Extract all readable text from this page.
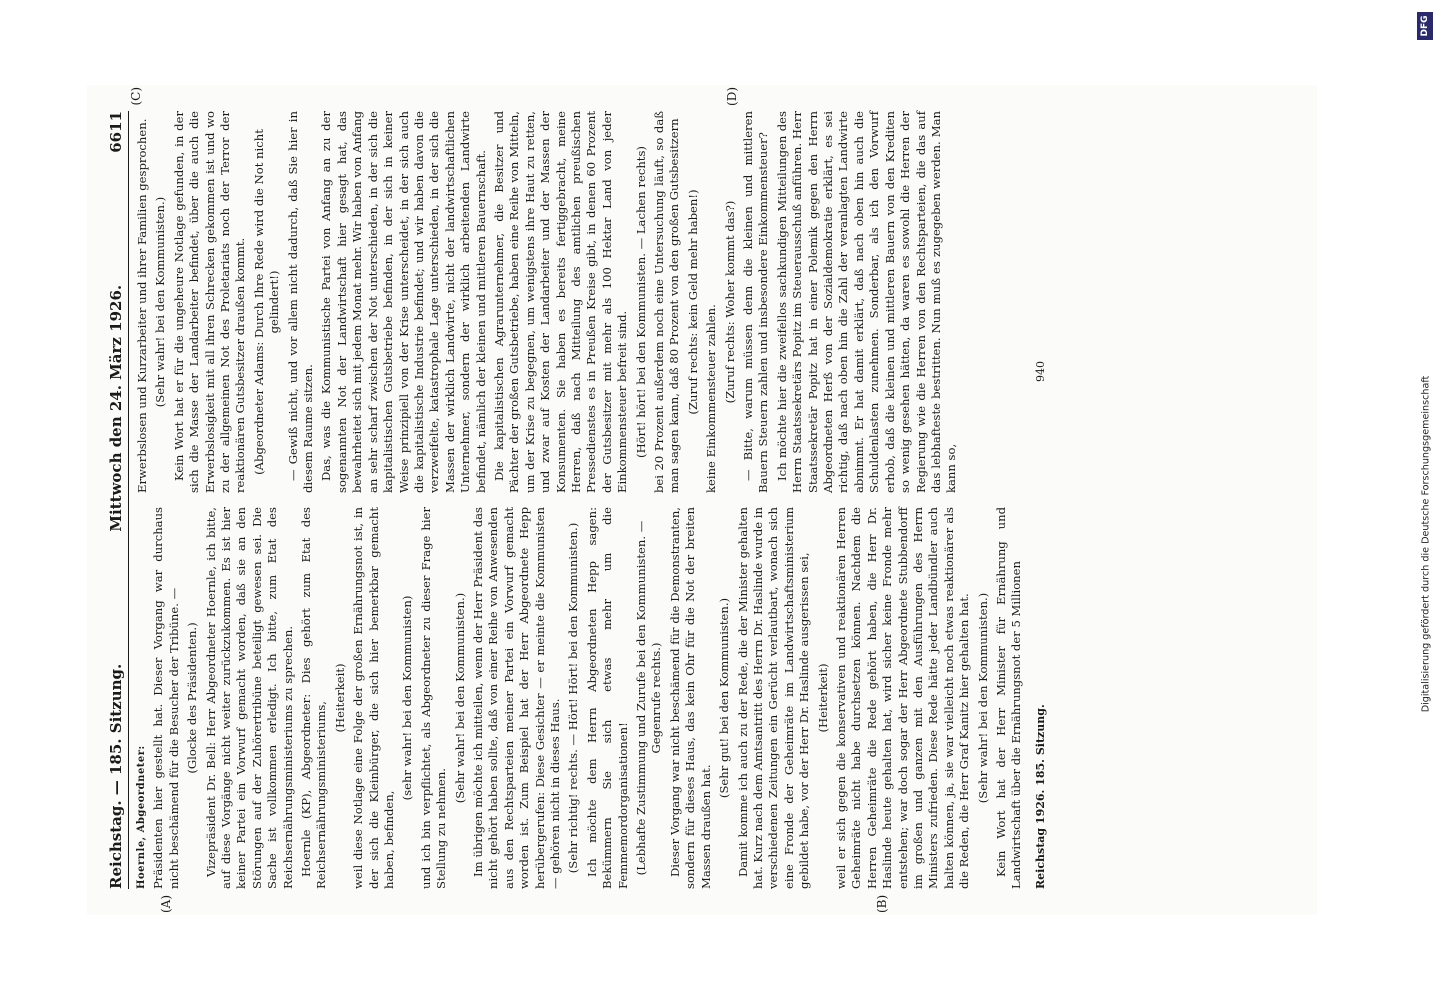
Reichstag. — 185. Sitzung.
Mittwoch den 24. März 1926.
6611
(A)	(B)

Hoernle, Abgeordneter: Präsidenten hier gestellt hat. Dieser Vorgang war durchaus nicht beschämend für die Besucher der Tribüne. — (Glocke des Präsidenten.) Vizepräsident Dr. Bell: Herr Abgeordneter Hoernle, ich bitte, auf diese Vorgänge nicht weiter zurückzukommen. Es ist hier keiner Partei ein Vorwurf gemacht worden, daß sie an den Störungen auf der Zuhörertribüne beteiligt gewesen sei. Die Sache ist vollkommen erledigt. Ich bitte, zum Etat des Reichsernährungsministeriums zu sprechen. Hoernle (KP), Abgeordneter: Dies gehört zum Etat des Reichsernährungsministeriums,

(Heiterkeit) weil diese Notlage eine Folge der großen Ernährungsnot ist, in der sich die Kleinbürger, die sich hier bemerkbar gemacht haben, befinden,

(sehr wahr! bei den Kommunisten) und ich bin verpflichtet, als Abgeordneter zu dieser Frage hier Stellung zu nehmen.

(Sehr wahr! bei den Kommunisten.) Im übrigen möchte ich mitteilen, wenn der Herr Präsident das nicht gehört haben sollte, daß von einer Reihe von Anwesenden aus den Rechtsparteien meiner Partei ein Vorwurf gemacht worden ist. Zum Beispiel hat der Herr Abgeordnete Hepp herübergerufen: Diese Gesichter — er meinte die Kommunisten — gehören nicht in dieses Haus. (Sehr richtig! rechts. — Hört! Hört! bei den Kommunisten.) Ich möchte dem Herrn Abgeordneten Hepp sagen: Bekümmern Sie sich etwas mehr um die Femmemordorganisationen! (Lebhafte Zustimmung und Zurufe bei den Kommunisten. — Gegenrufe rechts.) Dieser Vorgang war nicht beschämend für die Demonstranten, sondern für dieses Haus, das kein Ohr für die Not der breiten Massen draußen hat.

(Sehr gut! bei den Kommunisten.) Damit komme ich auch zu der Rede, die der Minister gehalten hat. Kurz nach dem Amtsantritt des Herrn Dr. Haslinde wurde in verschiedenen Zeitungen ein Gerücht verlautbart, wonach sich eine Fronde der Geheimräte im Landwirtschaftsministerium gebildet habe, vor der Herr Dr. Haslinde ausgerissen sei, (Heiterkeit) weil er sich gegen die konservativen und reaktionären Herren Geheimräte nicht habe durchsetzen können. Nachdem die Herren Geheimräte die Rede gehört haben, die Herr Dr. Haslinde heute gehalten hat, wird sicher keine Fronde mehr entstehen; war doch sogar der Herr Abgeordnete Stubbendorff im großen und ganzen mit den Ausführungen des Herrn Ministers zufrieden. Diese Rede hätte jeder Landbündler auch halten können, ja, sie war vielleicht noch etwas reaktionärer als die Reden, die Herr Graf Kanitz hier gehalten hat. (Sehr wahr! bei den Kommunisten.) Kein Wort hat der Herr Minister für Ernährung und Landwirtschaft über die Ernährungsnot der 5 Millionen

(C)	(D)

Erwerbslosen und Kurzarbeiter und ihrer Familien gesprochen. (Sehr wahr! bei den Kommunisten.) Kein Wort hat er für die ungeheure Notlage gefunden, in der sich die Masse der Landarbeiter befindet, über die auch die Erwerbslosigkeit mit all ihren Schrecken gekommen ist und wo zu der allgemeinen Not des Proletariats noch der Terror der reaktionären Gutsbesitzer draußen kommt. (Abgeordneter Adams: Durch Ihre Rede wird die Not nicht gelindert!) — Gewiß nicht, und vor allem nicht dadurch, daß Sie hier in diesem Raume sitzen. Das, was die Kommunistische Partei von Anfang an zu der sogenannten Not der Landwirtschaft hier gesagt hat, das bewahrheitet sich mit jedem Monat mehr. Wir haben von Anfang an sehr scharf zwischen der Not unterschieden, in der sich die kapitalistischen Gutsbetriebe befinden, in der sich in keiner Weise prinzipiell von der Krise unterscheidet, in der sich auch die kapitalistische Industrie befindet; und wir haben davon die verzweifelte, katastrophale Lage unterschieden, in der sich die Massen der wirklich Landwirte, nicht der landwirtschaftlichen Unternehmer, sondern der wirklich arbeitenden Landwirte befindet, nämlich der kleinen und mittleren Bauernschaft. Die kapitalistischen Agrarunternehmer, die Besitzer und Pächter der großen Gutsbetriebe, haben eine Reihe von Mitteln, um der Krise zu begegnen, um wenigstens ihre Haut zu retten, und zwar auf Kosten der Landarbeiter und der Massen der Konsumenten. Sie haben es bereits fertiggebracht, meine Herren, daß nach Mitteilung des amtlichen preußischen Pressedienstes es in Preußen Kreise gibt, in denen 60 Prozent der Gutsbesitzer mit mehr als 100 Hektar Land von jeder Einkommensteuer befreit sind. (Hört! hört! bei den Kommunisten. — Lachen rechts) bei 20 Prozent außerdem noch eine Untersuchung läuft, so daß man sagen kann, daß 80 Prozent von den großen Gutsbesitzern (Zuruf rechts: kein Geld mehr haben!) keine Einkommensteuer zahlen. (Zuruf rechts: Woher kommt das?) — Bitte, warum müssen denn die kleinen und mittleren Bauern Steuern zahlen und insbesondere Einkommensteuer? Ich möchte hier die zweifellos sachkundigen Mitteilungen des Herrn Staatssekretärs Popitz im Steuerausschuß anführen. Herr Staatssekretär Popitz hat in einer Polemik gegen den Herrn Abgeordneten Herß von der Sozialdemokratie erklärt, es sei richtig, daß nach oben hin die Zahl der veranlagten Landwirte abnimmt. Er hat damit erklärt, daß nach oben hin auch die Schuldenlasten zunehmen. Sonderbar, als ich den Vorwurf erhob, daß die kleinen und mittleren Bauern von den Krediten so wenig gesehen hätten, da waren es sowohl die Herren der Regierung wie die Herren von den Rechtsparteien, die das auf das lebhafteste bestritten. Nun muß es zugegeben werden. Man kann so,

Reichstag 1926. 185. Sitzung.
940
DFG
Digitalisierung gefördert durch die Deutsche Forschungsgemeinschaft
